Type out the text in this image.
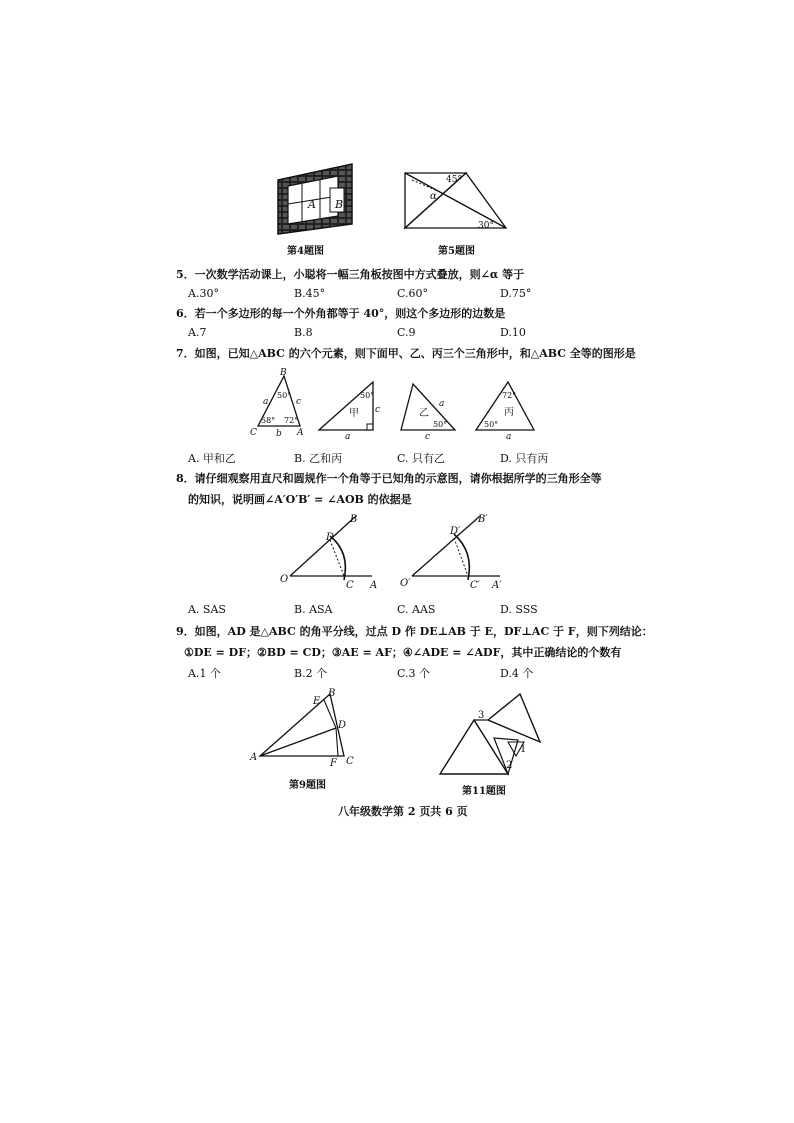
A B
第4题图
45°
α
30°
第5题图
5．一次数学活动课上，小聪将一幅三角板按图中方式叠放，则∠α 等于
A.30°	B.45°	C.60°	D.75°
6．若一个多边形的每一个外角都等于 40°，则这个多边形的边数是
A.7	B.8	C.9	D.10
7．如图，已知△ABC 的六个元素，则下面甲、乙、丙三个三角形中，和△ABC 全等的图形是
B
C	A
a	c
b
50°
58° 72°
甲
50°
c
a
乙
a
50°
c
72°
丙
50°
a
A. 甲和乙	B. 乙和丙	C. 只有乙	D. 只有丙
8．请仔细观察用直尺和圆规作一个角等于已知角的示意图，请你根据所学的三角形全等
的知识，说明画∠A′O′B′ = ∠AOB 的依据是
B
D
O
C A
B′
D′
O′	C′ A′
A. SAS	B. ASA	C. AAS	D. SSS
9．如图，AD 是△ABC 的角平分线，过点 D 作 DE⊥AB 于 E，DF⊥AC 于 F，则下列结论：
①DE = DF；②BD = CD；③AE = AF；④∠ADE = ∠ADF，其中正确结论的个数有
A.1 个	B.2 个	C.3 个	D.4 个
E
B
D
A
F C
第9题图
3
1
2
第11题图
八年级数学第 2 页共 6 页
